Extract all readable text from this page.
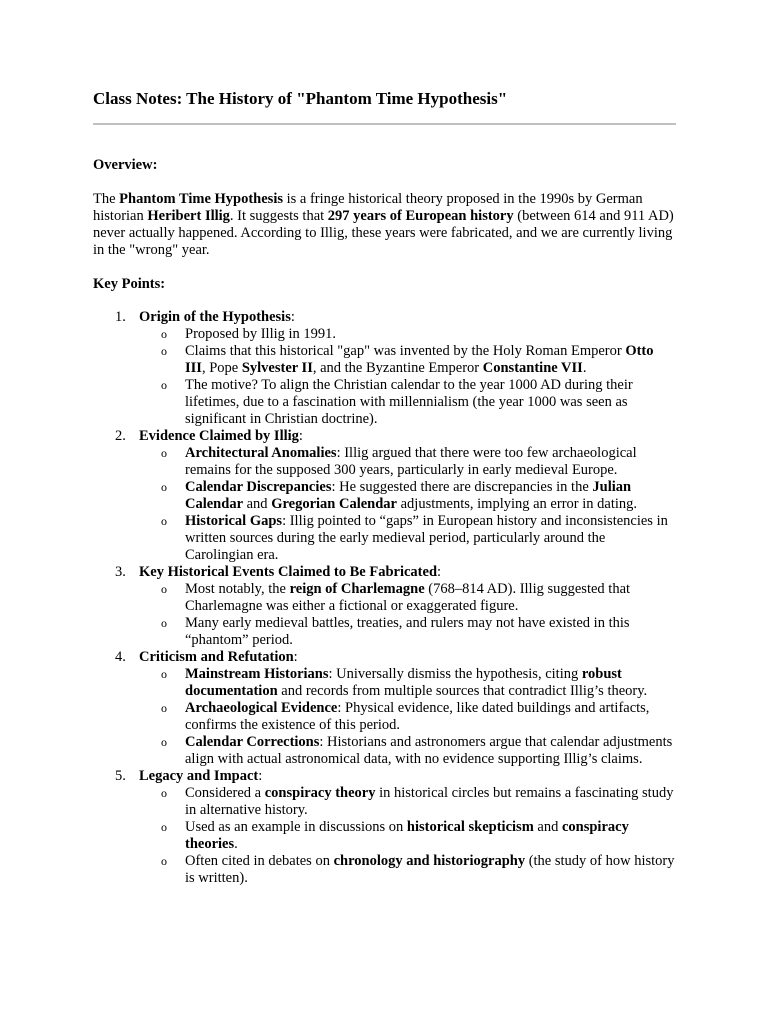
Class Notes: The History of "Phantom Time Hypothesis"
Overview:
The Phantom Time Hypothesis is a fringe historical theory proposed in the 1990s by German historian Heribert Illig. It suggests that 297 years of European history (between 614 and 911 AD) never actually happened. According to Illig, these years were fabricated, and we are currently living in the "wrong" year.
Key Points:
1. Origin of the Hypothesis:
o Proposed by Illig in 1991.
o Claims that this historical "gap" was invented by the Holy Roman Emperor Otto III, Pope Sylvester II, and the Byzantine Emperor Constantine VII.
o The motive? To align the Christian calendar to the year 1000 AD during their lifetimes, due to a fascination with millennialism (the year 1000 was seen as significant in Christian doctrine).
2. Evidence Claimed by Illig:
o Architectural Anomalies: Illig argued that there were too few archaeological remains for the supposed 300 years, particularly in early medieval Europe.
o Calendar Discrepancies: He suggested there are discrepancies in the Julian Calendar and Gregorian Calendar adjustments, implying an error in dating.
o Historical Gaps: Illig pointed to “gaps” in European history and inconsistencies in written sources during the early medieval period, particularly around the Carolingian era.
3. Key Historical Events Claimed to Be Fabricated:
o Most notably, the reign of Charlemagne (768–814 AD). Illig suggested that Charlemagne was either a fictional or exaggerated figure.
o Many early medieval battles, treaties, and rulers may not have existed in this “phantom” period.
4. Criticism and Refutation:
o Mainstream Historians: Universally dismiss the hypothesis, citing robust documentation and records from multiple sources that contradict Illig’s theory.
o Archaeological Evidence: Physical evidence, like dated buildings and artifacts, confirms the existence of this period.
o Calendar Corrections: Historians and astronomers argue that calendar adjustments align with actual astronomical data, with no evidence supporting Illig’s claims.
5. Legacy and Impact:
o Considered a conspiracy theory in historical circles but remains a fascinating study in alternative history.
o Used as an example in discussions on historical skepticism and conspiracy theories.
o Often cited in debates on chronology and historiography (the study of how history is written).
